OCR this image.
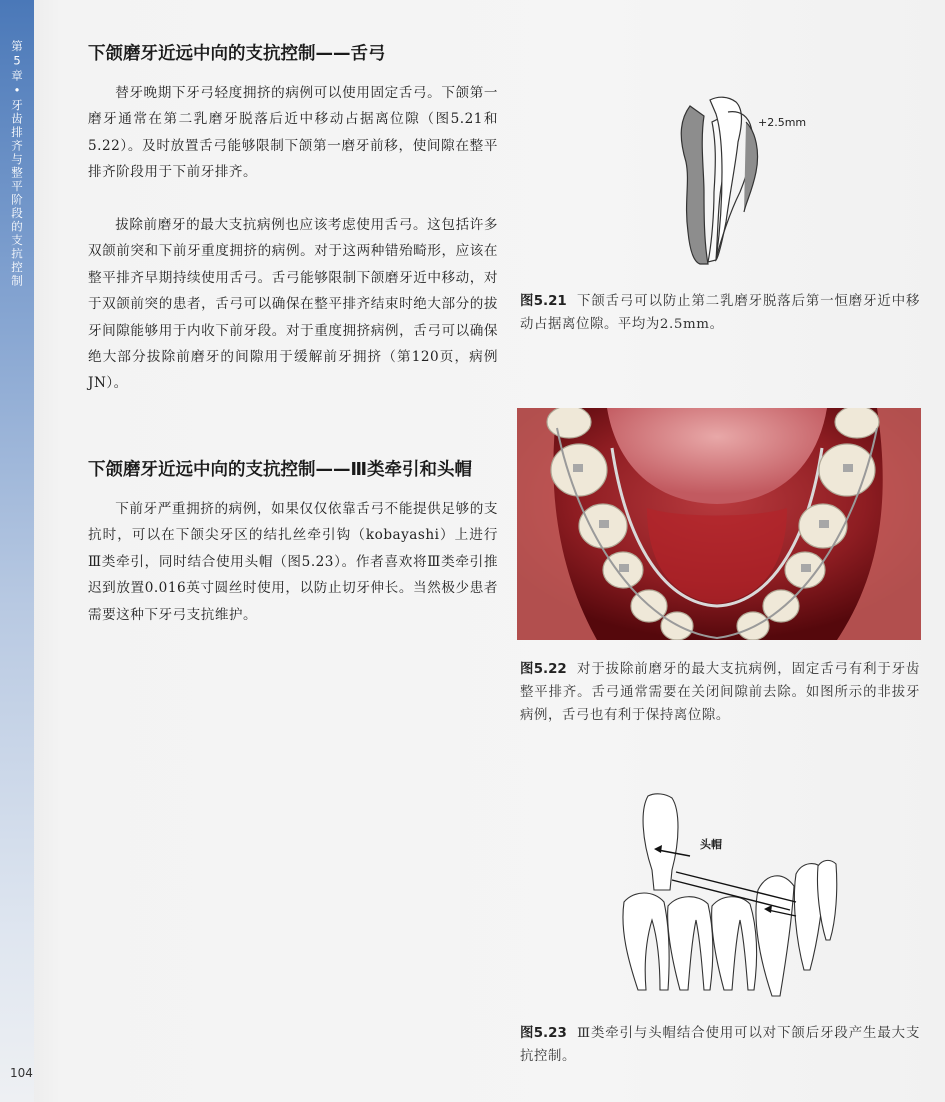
第5章•牙齿排齐与整平阶段的支抗控制
104
下颌磨牙近远中向的支抗控制——舌弓

替牙晚期下牙弓轻度拥挤的病例可以使用固定舌弓。下颌第一磨牙通常在第二乳磨牙脱落后近中移动占据离位隙（图5.21和5.22）。及时放置舌弓能够限制下颌第一磨牙前移，使间隙在整平排齐阶段用于下前牙排齐。

拔除前磨牙的最大支抗病例也应该考虑使用舌弓。这包括许多双颌前突和下前牙重度拥挤的病例。对于这两种错殆畸形，应该在整平排齐早期持续使用舌弓。舌弓能够限制下颌磨牙近中移动，对于双颌前突的患者，舌弓可以确保在整平排齐结束时绝大部分的拔牙间隙能够用于内收下前牙段。对于重度拥挤病例，舌弓可以确保绝大部分拔除前磨牙的间隙用于缓解前牙拥挤（第120页，病例JN）。

下颌磨牙近远中向的支抗控制——Ⅲ类牵引和头帽

下前牙严重拥挤的病例，如果仅仅依靠舌弓不能提供足够的支抗时，可以在下颌尖牙区的结扎丝牵引钩（kobayashi）上进行Ⅲ类牵引，同时结合使用头帽（图5.23）。作者喜欢将Ⅲ类牵引推迟到放置0.016英寸圆丝时使用，以防止切牙伸长。当然极少患者需要这种下牙弓支抗维护。

+2.5mm
图5.21 下颌舌弓可以防止第二乳磨牙脱落后第一恒磨牙近中移动占据离位隙。平均为2.5mm。
图5.22 对于拔除前磨牙的最大支抗病例，固定舌弓有利于牙齿整平排齐。舌弓通常需要在关闭间隙前去除。如图所示的非拔牙病例，舌弓也有利于保持离位隙。
头帽
图5.23 Ⅲ类牵引与头帽结合使用可以对下颌后牙段产生最大支抗控制。
